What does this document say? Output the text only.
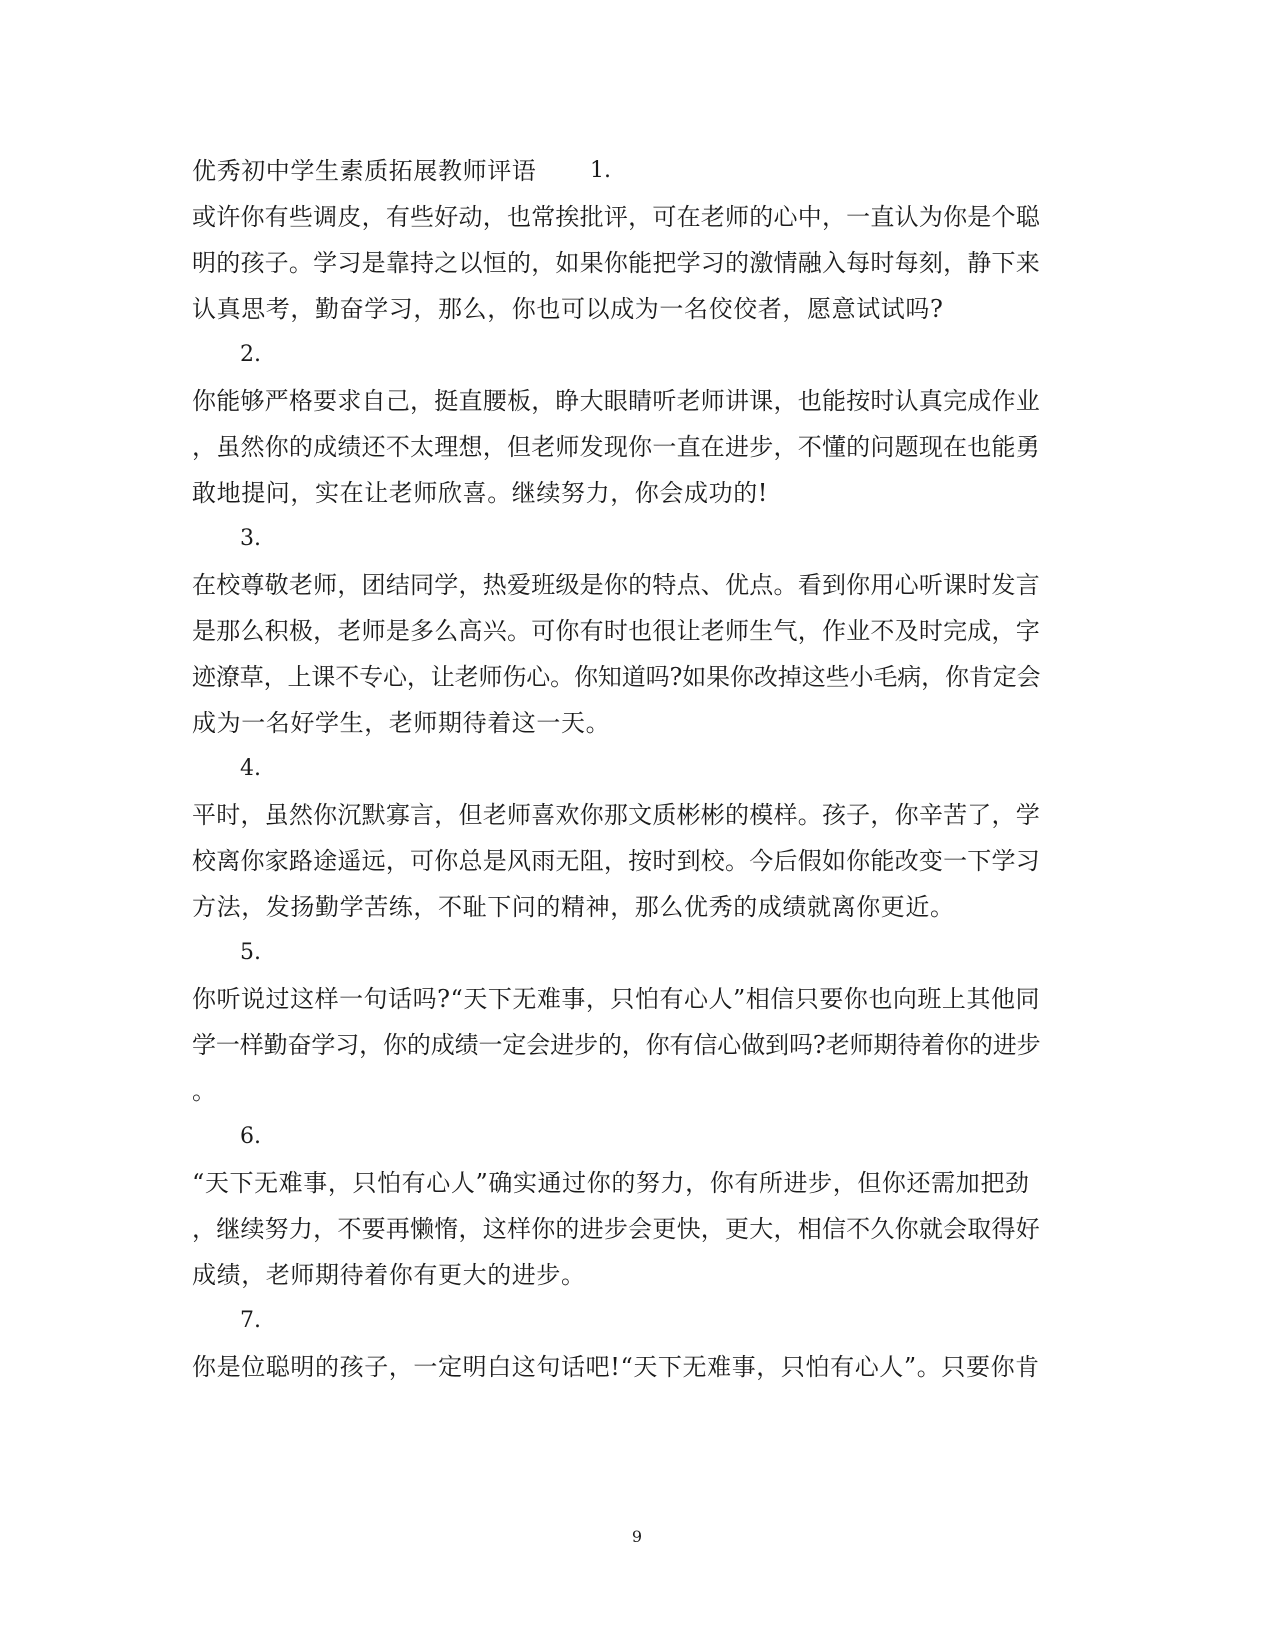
优秀初中学生素质拓展教师评语 1.
或许你有些调皮，有些好动，也常挨批评，可在老师的心中，一直认为你是个聪
明的孩子。学习是靠持之以恒的，如果你能把学习的激情融入每时每刻，静下来
认真思考，勤奋学习，那么，你也可以成为一名佼佼者，愿意试试吗?
2.
你能够严格要求自己，挺直腰板，睁大眼睛听老师讲课，也能按时认真完成作业
，虽然你的成绩还不太理想，但老师发现你一直在进步，不懂的问题现在也能勇
敢地提问，实在让老师欣喜。继续努力，你会成功的!
3.
在校尊敬老师，团结同学，热爱班级是你的特点、优点。看到你用心听课时发言
是那么积极，老师是多么高兴。可你有时也很让老师生气，作业不及时完成，字
迹潦草，上课不专心，让老师伤心。你知道吗?如果你改掉这些小毛病，你肯定会
成为一名好学生，老师期待着这一天。
4.
平时，虽然你沉默寡言，但老师喜欢你那文质彬彬的模样。孩子，你辛苦了，学
校离你家路途遥远，可你总是风雨无阻，按时到校。今后假如你能改变一下学习
方法，发扬勤学苦练，不耻下问的精神，那么优秀的成绩就离你更近。
5.
你听说过这样一句话吗?“天下无难事，只怕有心人”相信只要你也向班上其他同
学一样勤奋学习，你的成绩一定会进步的，你有信心做到吗?老师期待着你的进步
。
6.
“天下无难事，只怕有心人”确实通过你的努力，你有所进步，但你还需加把劲
，继续努力，不要再懒惰，这样你的进步会更快，更大，相信不久你就会取得好
成绩，老师期待着你有更大的进步。
7.
你是位聪明的孩子，一定明白这句话吧!“天下无难事，只怕有心人”。只要你肯
9
